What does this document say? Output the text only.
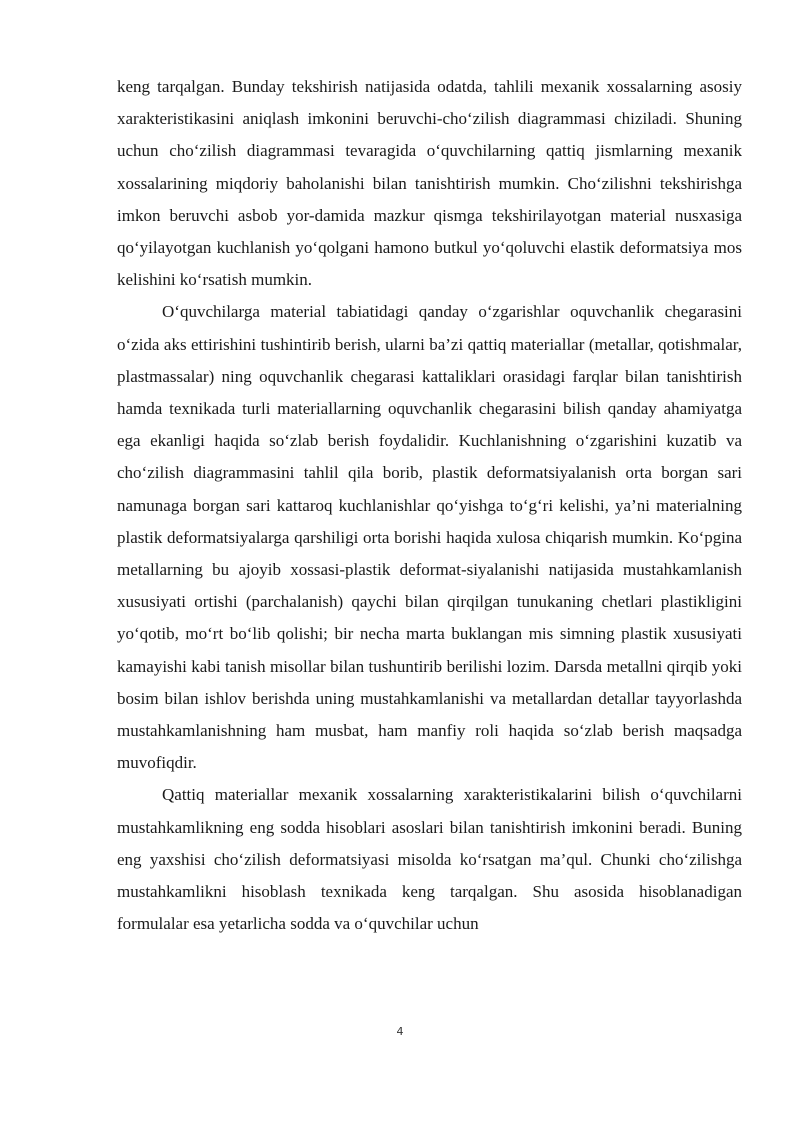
keng tarqalgan. Bunday tekshirish natijasida odatda, tahlili mexanik xossalarning asosiy xarakteristikasini aniqlash imkonini beruvchi-cho‘zilish diagrammasi chiziladi. Shuning uchun cho‘zilish diagrammasi tevaragida o‘quvchilarning qattiq jismlarning mexanik xossalarining miqdoriy baholanishi bilan tanishtirish mumkin. Cho‘zilishni tekshirishga imkon beruvchi asbob yor-damida mazkur qismga tekshirilayotgan material nusxasiga qo‘yilayotgan kuchlanish yo‘qolgani hamono butkul yo‘qoluvchi elastik deformatsiya mos kelishini ko‘rsatish mumkin.

O‘quvchilarga material tabiatidagi qanday o‘zgarishlar oquvchanlik chegarasini o‘zida aks ettirishini tushintirib berish, ularni ba’zi qattiq materiallar (metallar, qotishmalar, plastmassalar) ning oquvchanlik chegarasi kattaliklari orasidagi farqlar bilan tanishtirish hamda texnikada turli materiallarning oquvchanlik chegarasini bilish qanday ahamiyatga ega ekanligi haqida so‘zlab berish foydalidir. Kuchlanishning o‘zgarishini kuzatib va cho‘zilish diagrammasini tahlil qila borib, plastik deformatsiyalanish orta borgan sari namunaga borgan sari kattaroq kuchlanishlar qo‘yishga to‘g‘ri kelishi, ya’ni materialning plastik deformatsiyalarga qarshiligi orta borishi haqida xulosa chiqarish mumkin. Ko‘pgina metallarning bu ajoyib xossasi-plastik deformat-siyalanishi natijasida mustahkamlanish xususiyati ortishi (parchalanish) qaychi bilan qirqilgan tunukaning chetlari plastikligini yo‘qotib, mo‘rt bo‘lib qolishi; bir necha marta buklangan mis simning plastik xususiyati kamayishi kabi tanish misollar bilan tushuntirib berilishi lozim. Darsda metallni qirqib yoki bosim bilan ishlov berishda uning mustahkamlanishi va metallardan detallar tayyorlashda mustahkamlanishning ham musbat, ham manfiy roli haqida so‘zlab berish maqsadga muvofiqdir.

Qattiq materiallar mexanik xossalarning xarakteristikalarini bilish o‘quvchilarni mustahkamlikning eng sodda hisoblari asoslari bilan tanishtirish imkonini beradi. Buning eng yaxshisi cho‘zilish deformatsiyasi misolda ko‘rsatgan ma’qul. Chunki cho‘zilishga mustahkamlikni hisoblash texnikada keng tarqalgan. Shu asosida hisoblanadigan formulalar esa yetarlicha sodda va o‘quvchilar uchun

4
